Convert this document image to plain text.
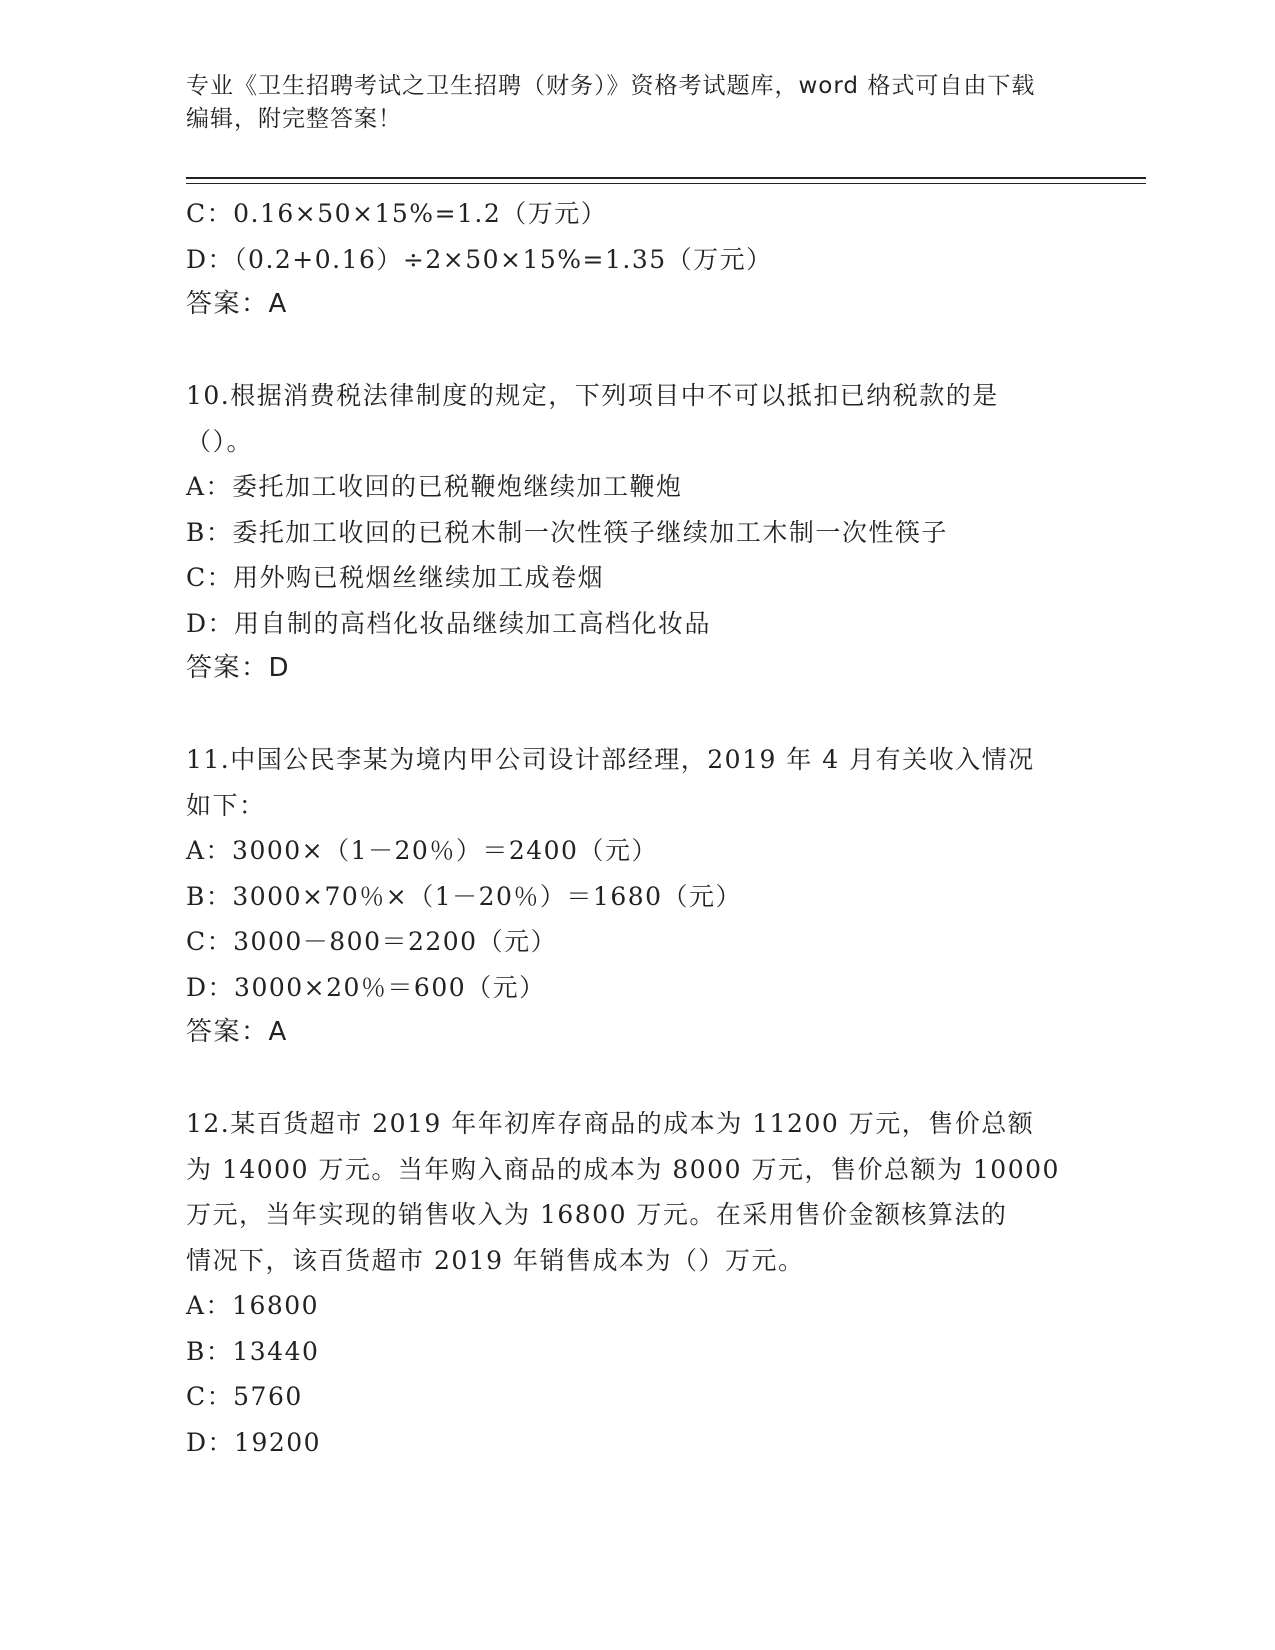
专业《卫生招聘考试之卫生招聘（财务）》资格考试题库，word 格式可自由下载
编辑，附完整答案！
C：0.16×50×15%=1.2（万元）
D：（0.2+0.16）÷2×50×15%=1.35（万元）
答案：A
10.根据消费税法律制度的规定，下列项目中不可以抵扣已纳税款的是
（）。
A：委托加工收回的已税鞭炮继续加工鞭炮
B：委托加工收回的已税木制一次性筷子继续加工木制一次性筷子
C：用外购已税烟丝继续加工成卷烟
D：用自制的高档化妆品继续加工高档化妆品
答案：D
11.中国公民李某为境内甲公司设计部经理，2019 年 4 月有关收入情况
如下：
A：3000×（1－20％）＝2400（元）
B：3000×70％×（1－20％）＝1680（元）
C：3000－800＝2200（元）
D：3000×20％＝600（元）
答案：A
12.某百货超市 2019 年年初库存商品的成本为 11200 万元，售价总额
为 14000 万元。当年购入商品的成本为 8000 万元，售价总额为 10000
万元，当年实现的销售收入为 16800 万元。在采用售价金额核算法的
情况下，该百货超市 2019 年销售成本为（）万元。
A：16800
B：13440
C：5760
D：19200
